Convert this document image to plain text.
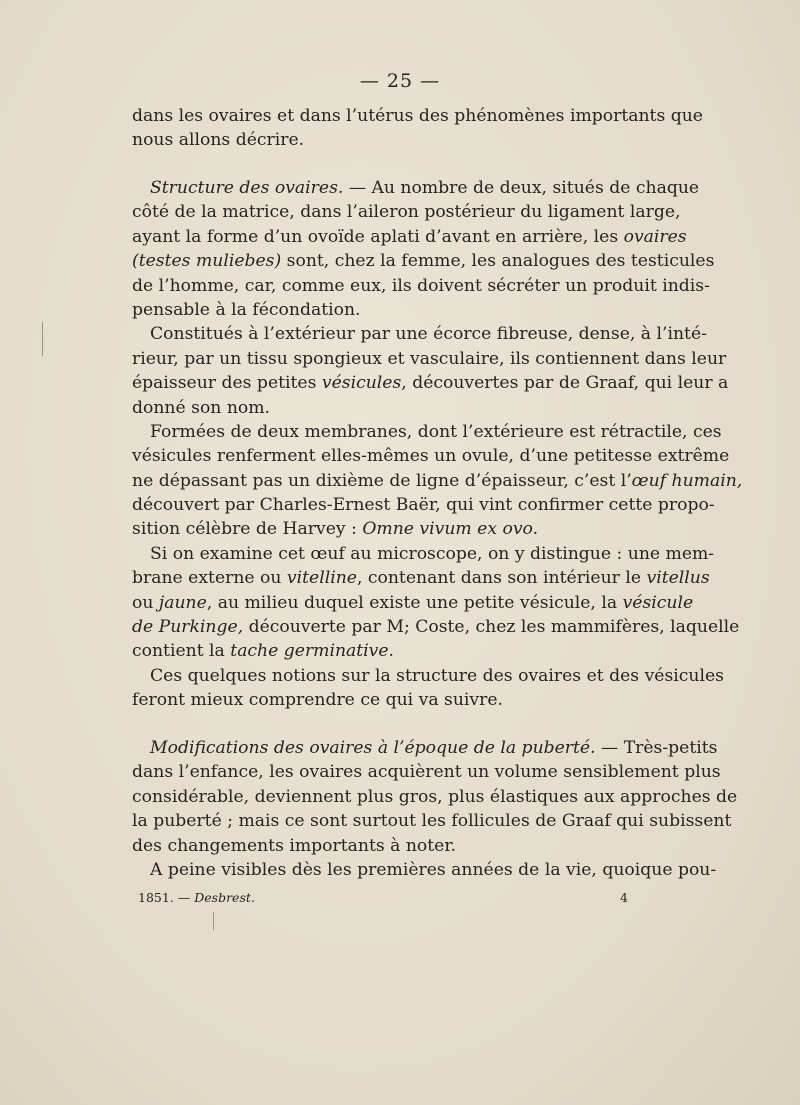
— 25 —
dans les ovaires et dans l’utérus des phénomènes importants que
nous allons décrire.
Structure des ovaires. — Au nombre de deux, situés de chaque
côté de la matrice, dans l’aileron postérieur du ligament large,
ayant la forme d’un ovoïde aplati d’avant en arrière, les ovaires
(testes muliebes) sont, chez la femme, les analogues des testicules
de l’homme, car, comme eux, ils doivent sécréter un produit indis-
pensable à la fécondation.
Constitués à l’extérieur par une écorce fibreuse, dense, à l’inté-
rieur, par un tissu spongieux et vasculaire, ils contiennent dans leur
épaisseur des petites vésicules, découvertes par de Graaf, qui leur a
donné son nom.
Formées de deux membranes, dont l’extérieure est rétractile, ces
vésicules renferment elles-mêmes un ovule, d’une petitesse extrême
ne dépassant pas un dixième de ligne d’épaisseur, c’est l’œuf humain,
découvert par Charles-Ernest Baër, qui vint confirmer cette propo-
sition célèbre de Harvey : Omne vivum ex ovo.
Si on examine cet œuf au microscope, on y distingue : une mem-
brane externe ou vitelline, contenant dans son intérieur le vitellus
ou jaune, au milieu duquel existe une petite vésicule, la vésicule
de Purkinge, découverte par M; Coste, chez les mammifères, laquelle
contient la tache germinative.
Ces quelques notions sur la structure des ovaires et des vésicules
feront mieux comprendre ce qui va suivre.
Modifications des ovaires à l’époque de la puberté. — Très-petits
dans l’enfance, les ovaires acquièrent un volume sensiblement plus
considérable, deviennent plus gros, plus élastiques aux approches de
la puberté ; mais ce sont surtout les follicules de Graaf qui subissent
des changements importants à noter.
A peine visibles dès les premières années de la vie, quoique pou-
1851. — Desbrest.	4
